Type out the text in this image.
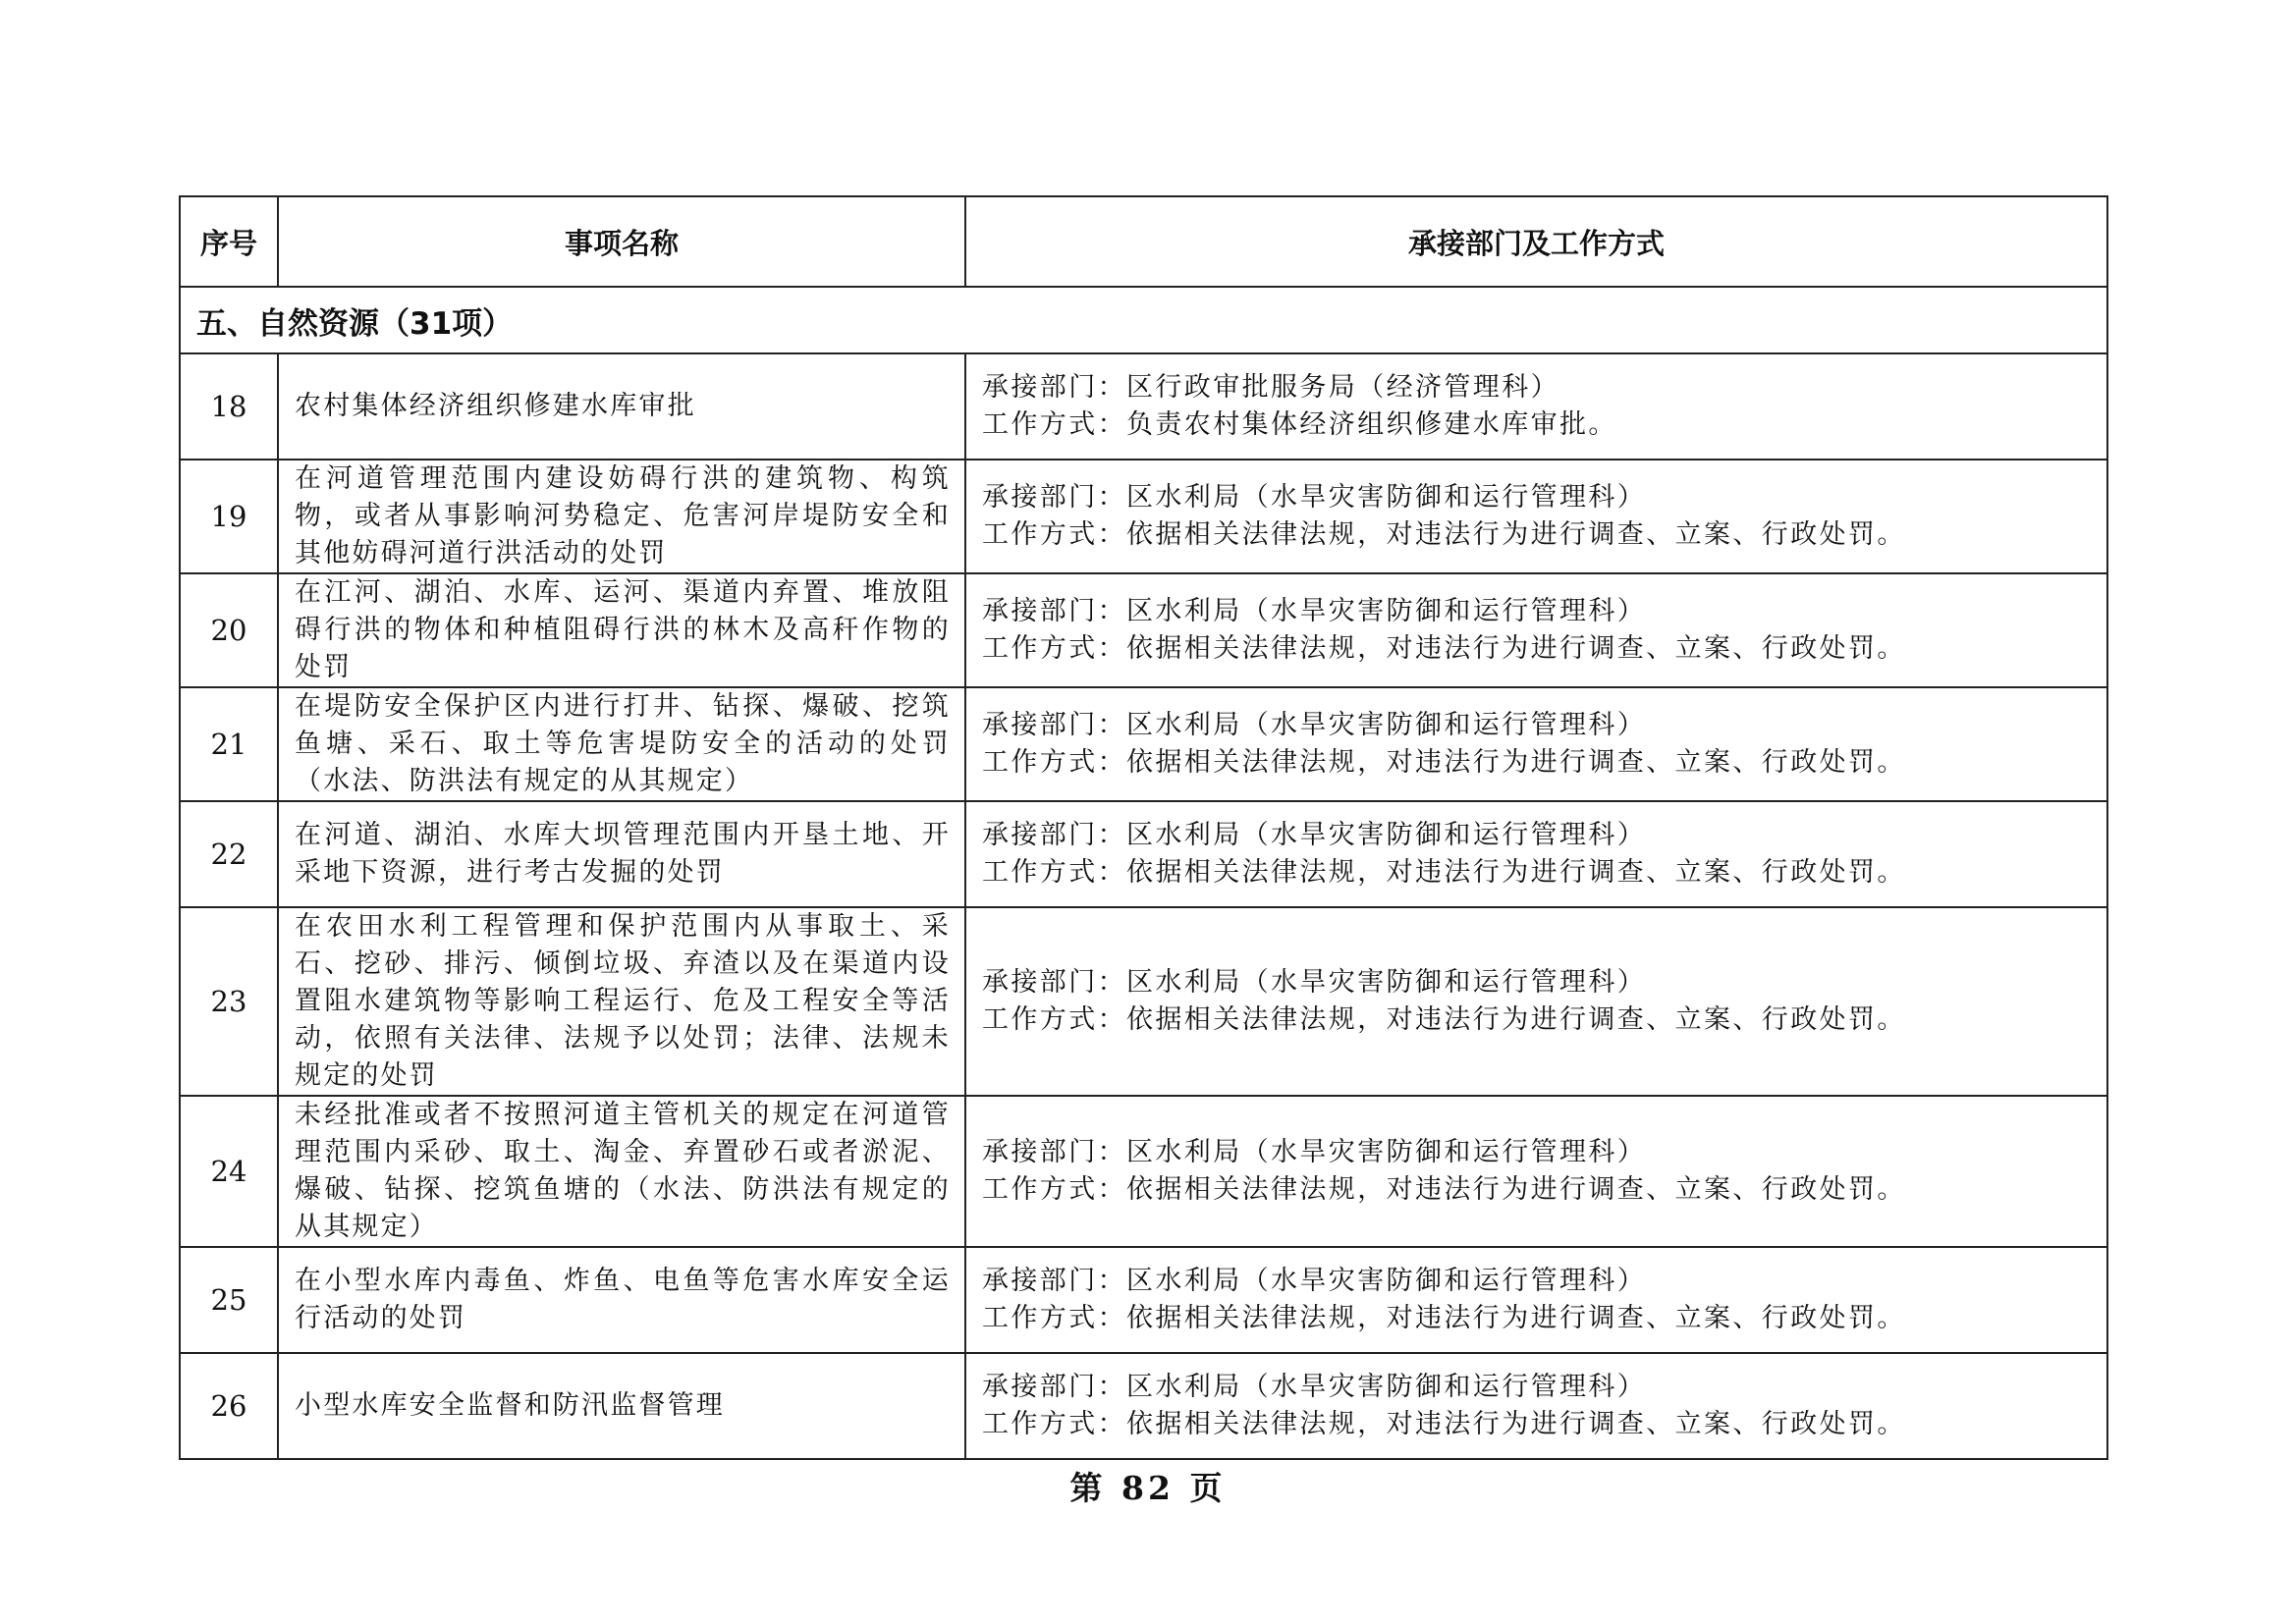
序号	事项名称	承接部门及工作方式
五、自然资源（31项）		
18	农村集体经济组织修建水库审批	承接部门：区行政审批服务局（经济管理科）
工作方式：负责农村集体经济组织修建水库审批。

19	在河道管理范围内建设妨碍行洪的建筑物、构筑物，或者从事影响河势稳定、危害河岸堤防安全和其他妨碍河道行洪活动的处罚	承接部门：区水利局（水旱灾害防御和运行管理科）
工作方式：依据相关法律法规，对违法行为进行调查、立案、行政处罚。

20	在江河、湖泊、水库、运河、渠道内弃置、堆放阻碍行洪的物体和种植阻碍行洪的林木及高秆作物的处罚	承接部门：区水利局（水旱灾害防御和运行管理科）
工作方式：依据相关法律法规，对违法行为进行调查、立案、行政处罚。

21	在堤防安全保护区内进行打井、钻探、爆破、挖筑鱼塘、采石、取土等危害堤防安全的活动的处罚（水法、防洪法有规定的从其规定）	承接部门：区水利局（水旱灾害防御和运行管理科）
工作方式：依据相关法律法规，对违法行为进行调查、立案、行政处罚。

22	在河道、湖泊、水库大坝管理范围内开垦土地、开采地下资源，进行考古发掘的处罚	承接部门：区水利局（水旱灾害防御和运行管理科）
工作方式：依据相关法律法规，对违法行为进行调查、立案、行政处罚。

23	在农田水利工程管理和保护范围内从事取土、采石、挖砂、排污、倾倒垃圾、弃渣以及在渠道内设置阻水建筑物等影响工程运行、危及工程安全等活动，依照有关法律、法规予以处罚；法律、法规未规定的处罚	承接部门：区水利局（水旱灾害防御和运行管理科）
工作方式：依据相关法律法规，对违法行为进行调查、立案、行政处罚。

24	未经批准或者不按照河道主管机关的规定在河道管理范围内采砂、取土、淘金、弃置砂石或者淤泥、爆破、钻探、挖筑鱼塘的（水法、防洪法有规定的从其规定）	承接部门：区水利局（水旱灾害防御和运行管理科）
工作方式：依据相关法律法规，对违法行为进行调查、立案、行政处罚。

25	在小型水库内毒鱼、炸鱼、电鱼等危害水库安全运行活动的处罚	承接部门：区水利局（水旱灾害防御和运行管理科）
工作方式：依据相关法律法规，对违法行为进行调查、立案、行政处罚。

26	小型水库安全监督和防汛监督管理	承接部门：区水利局（水旱灾害防御和运行管理科）
工作方式：依据相关法律法规，对违法行为进行调查、立案、行政处罚。
第 82 页
